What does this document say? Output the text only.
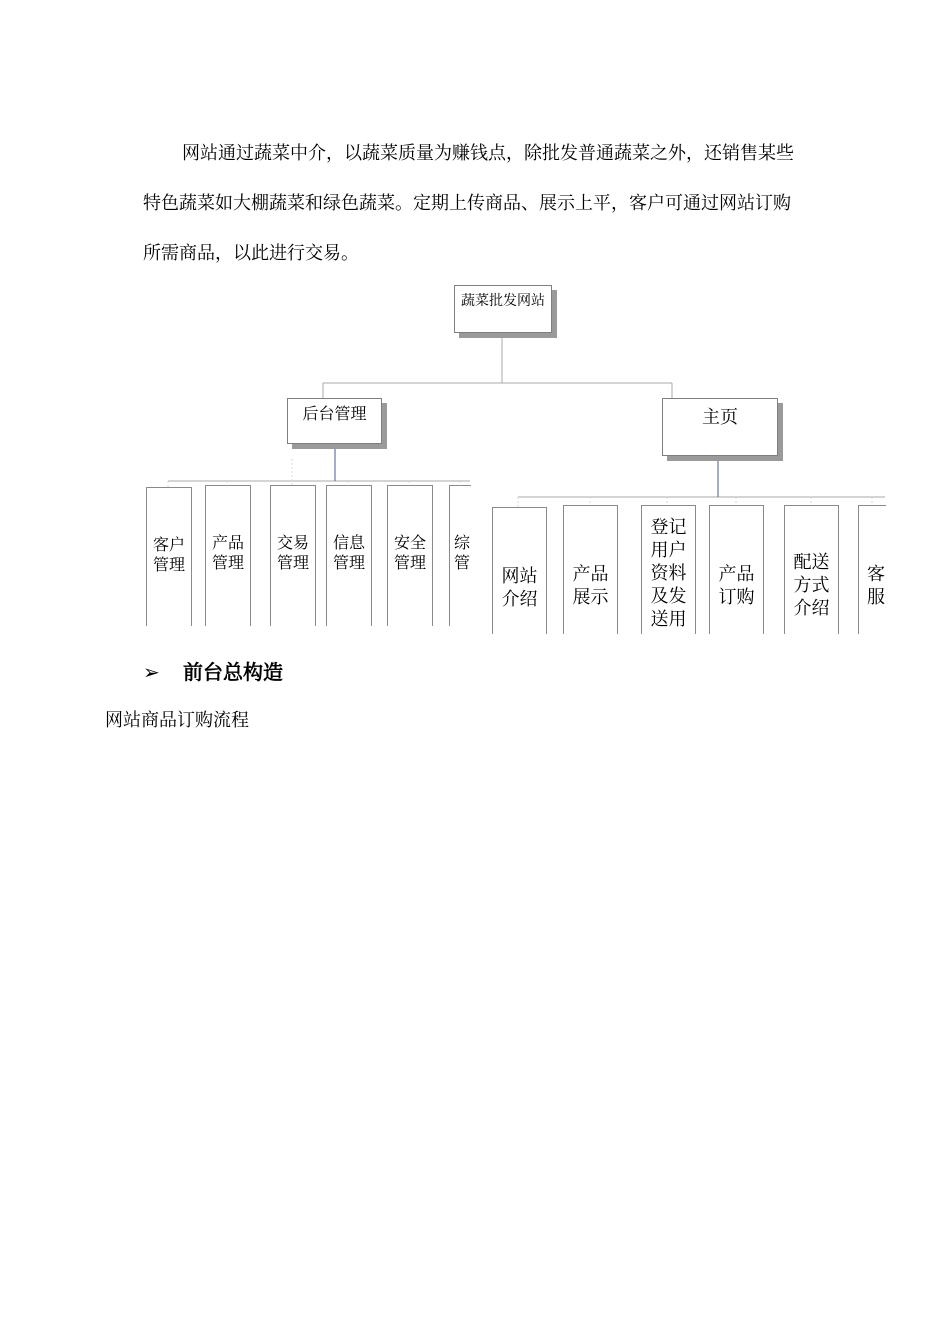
网站通过蔬菜中介，以蔬菜质量为赚钱点，除批发普通蔬菜之外，还销售某些
特色蔬菜如大棚蔬菜和绿色蔬菜。定期上传商品、展示上平，客户可通过网站订购
所需商品，以此进行交易。
蔬菜批发网站
后台管理	主页
客户
管理
产品
管理
交易
管理
信息
管理
安全
管理
综
管
网站
介绍
产品
展示
登记
用户
资料
及发
送用
产品
订购
配送
方式
介绍
客
服
➢ 前台总构造
网站商品订购流程
